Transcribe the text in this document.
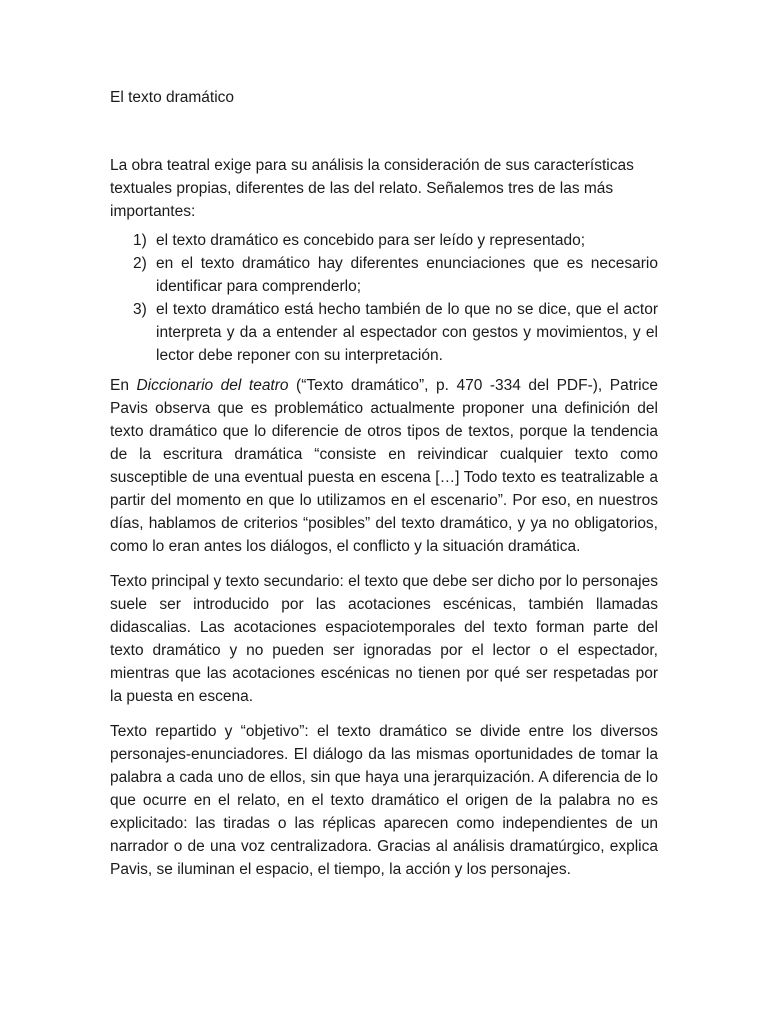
El texto dramático

La obra teatral exige para su análisis la consideración de sus características textuales propias, diferentes de las del relato. Señalemos tres de las más importantes:

1) el texto dramático es concebido para ser leído y representado;
2) en el texto dramático hay diferentes enunciaciones que es necesario identificar para comprenderlo;
3) el texto dramático está hecho también de lo que no se dice, que el actor interpreta y da a entender al espectador con gestos y movimientos, y el lector debe reponer con su interpretación.

En Diccionario del teatro (“Texto dramático”, p. 470 -334 del PDF-), Patrice Pavis observa que es problemático actualmente proponer una definición del texto dramático que lo diferencie de otros tipos de textos, porque la tendencia de la escritura dramática “consiste en reivindicar cualquier texto como susceptible de una eventual puesta en escena […] Todo texto es teatralizable a partir del momento en que lo utilizamos en el escenario”. Por eso, en nuestros días, hablamos de criterios “posibles” del texto dramático, y ya no obligatorios, como lo eran antes los diálogos, el conflicto y la situación dramática.

Texto principal y texto secundario: el texto que debe ser dicho por lo personajes suele ser introducido por las acotaciones escénicas, también llamadas didascalias. Las acotaciones espaciotemporales del texto forman parte del texto dramático y no pueden ser ignoradas por el lector o el espectador, mientras que las acotaciones escénicas no tienen por qué ser respetadas por la puesta en escena.

Texto repartido y “objetivo”: el texto dramático se divide entre los diversos personajes-enunciadores. El diálogo da las mismas oportunidades de tomar la palabra a cada uno de ellos, sin que haya una jerarquización. A diferencia de lo que ocurre en el relato, en el texto dramático el origen de la palabra no es explicitado: las tiradas o las réplicas aparecen como independientes de un narrador o de una voz centralizadora. Gracias al análisis dramatúrgico, explica Pavis, se iluminan el espacio, el tiempo, la acción y los personajes.
